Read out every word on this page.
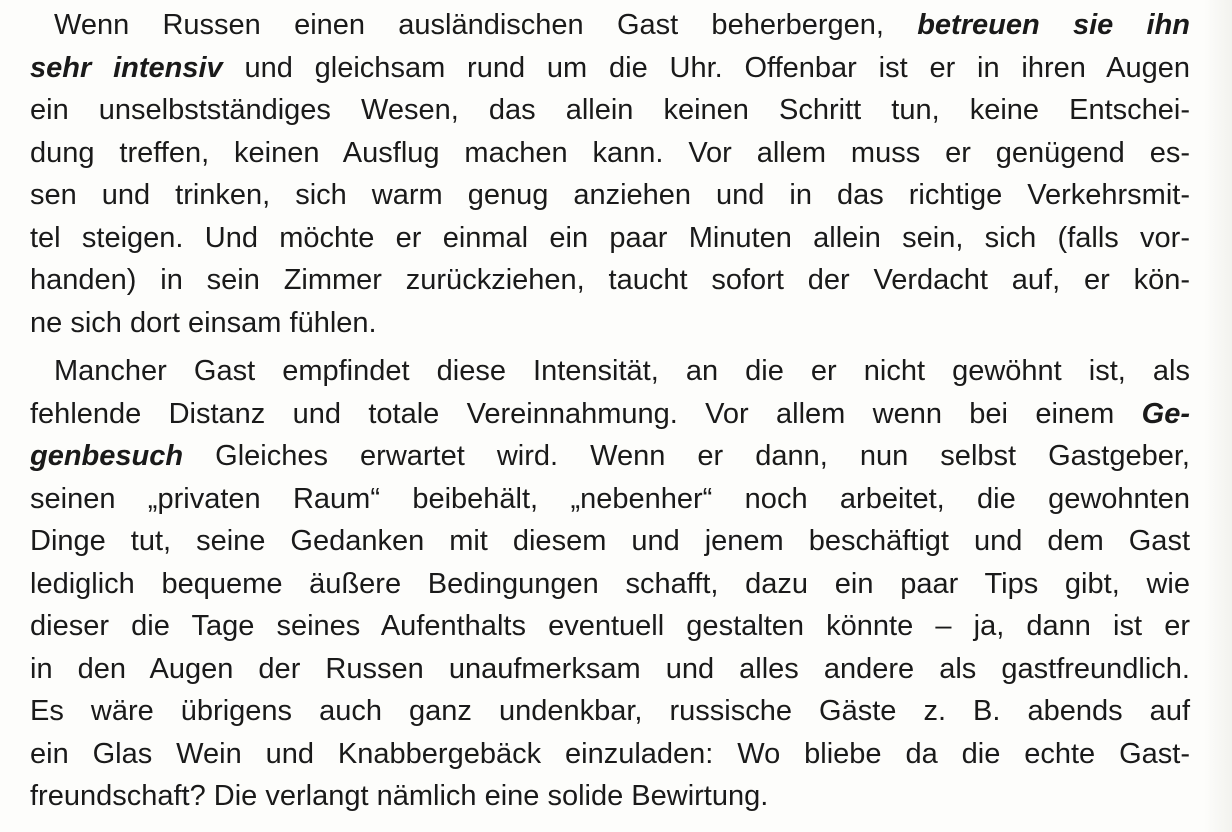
Wenn Russen einen ausländischen Gast beherbergen, betreuen sie ihn
sehr intensiv und gleichsam rund um die Uhr. Offenbar ist er in ihren Augen
ein unselbstständiges Wesen, das allein keinen Schritt tun, keine Entschei-
dung treffen, keinen Ausflug machen kann. Vor allem muss er genügend es-
sen und trinken, sich warm genug anziehen und in das richtige Verkehrsmit-
tel steigen. Und möchte er einmal ein paar Minuten allein sein, sich (falls vor-
handen) in sein Zimmer zurückziehen, taucht sofort der Verdacht auf, er kön-
ne sich dort einsam fühlen.
Mancher Gast empfindet diese Intensität, an die er nicht gewöhnt ist, als
fehlende Distanz und totale Vereinnahmung. Vor allem wenn bei einem Ge-
genbesuch Gleiches erwartet wird. Wenn er dann, nun selbst Gastgeber,
seinen „privaten Raum“ beibehält, „nebenher“ noch arbeitet, die gewohnten
Dinge tut, seine Gedanken mit diesem und jenem beschäftigt und dem Gast
lediglich bequeme äußere Bedingungen schafft, dazu ein paar Tips gibt, wie
dieser die Tage seines Aufenthalts eventuell gestalten könnte – ja, dann ist er
in den Augen der Russen unaufmerksam und alles andere als gastfreundlich.
Es wäre übrigens auch ganz undenkbar, russische Gäste z. B. abends auf
ein Glas Wein und Knabbergebäck einzuladen: Wo bliebe da die echte Gast-
freundschaft? Die verlangt nämlich eine solide Bewirtung.
